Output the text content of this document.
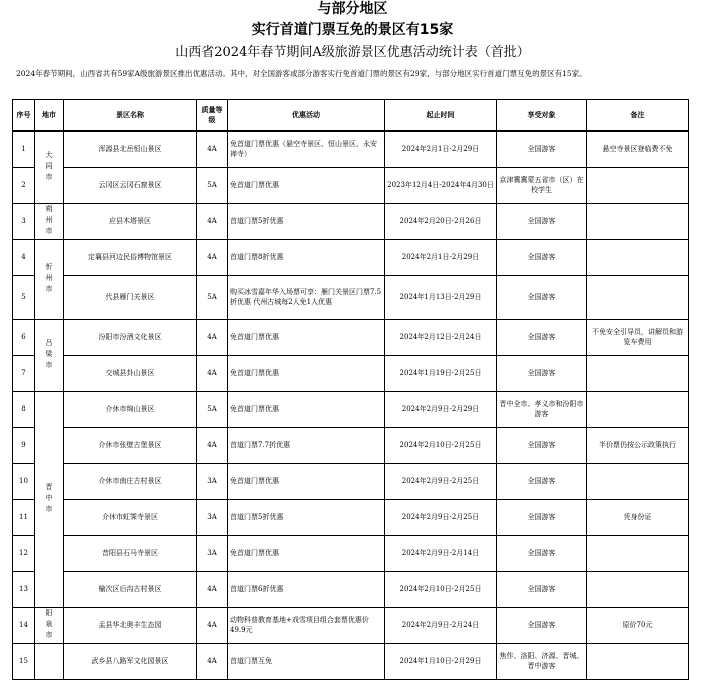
与部分地区
实行首道门票互免的景区有15家
山西省2024年春节期间A级旅游景区优惠活动统计表（首批）
2024年春节期间，山西省共有59家A级旅游景区推出优惠活动。其中，对全国游客或部分游客实行免首道门票的景区有29家，与部分地区实行首道门票互免的景区有15家。
序号	地市	景区名称	质量等级	优惠活动	起止时间	享受对象	备注
1	大同市	浑源县北岳恒山景区	4A	免首道门票优惠（悬空寺景区、恒山景区、永安禅寺）	2024年2月1日-2月29日	全国游客	悬空寺景区登临费不免
2		云冈区云冈石窟景区	5A	免首道门票优惠	2023年12月4日-2024年4月30日	京津冀冀蒙五省市（区）在校学生	
3	朔州市	应县木塔景区	4A	首道门票5折优惠	2024年2月20日-2月26日	全国游客	
4	忻州市	定襄县河边民俗博物馆景区	4A	首道门票8折优惠	2024年2月1日-2月29日	全国游客	
5		代县雁门关景区	5A	购买冰雪嘉年华入场票可享：雁门关景区门票7.5折优惠 代州古城每2人免1人优惠	2024年1月13日-2月29日	全国游客	
6	吕梁市	汾阳市汾酒文化景区	4A	免首道门票优惠	2024年2月12日-2月24日	全国游客	不免安全引导员，讲解员和游览车费用
7		交城县卦山景区	4A	免首道门票优惠	2024年1月19日-2月25日	全国游客	
8	晋中市	介休市绵山景区	5A	免首道门票优惠	2024年2月9日-2月29日	晋中全市、孝义市和汾阳市游客	
9		介休市张壁古堡景区	4A	首道门票7.7折优惠	2024年2月10日-2月25日	全国游客	半价票仍按公示政策执行
10		介休市南庄古村景区	3A	免首道门票优惠	2024年2月9日-2月25日	全国游客	
11		介休市虹霁寺景区	3A	首道门票5折优惠	2024年2月9日-2月25日	全国游客	凭身份证
12		昔阳县石马寺景区	3A	免首道门票优惠	2024年2月9日-2月14日	全国游客	
13		榆次区后沟古村景区	4A	首道门票6折优惠	2024年2月10日-2月25日	全国游客	
14	阳泉市	盂县华北奥丰生态园	4A	动物科普教育基地+戏雪项目组合套票优惠价49.9元	2024年2月9日-2月24日	全国游客	原价70元
15		武乡县八路军文化园景区	4A	首道门票互免	2024年1月10日-2月29日	焦作、洛阳、济源、晋城、晋中游客	
